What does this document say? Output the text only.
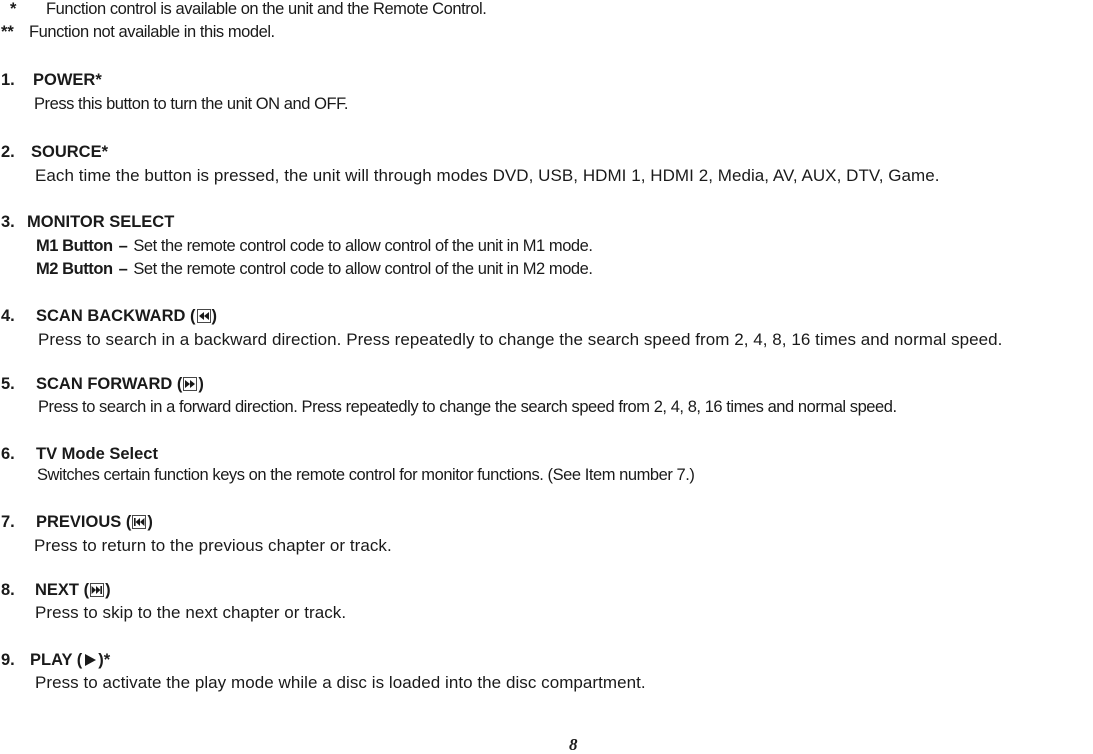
* Function control is available on the unit and the Remote Control.
** Function not available in this model.
1. POWER*
Press this button to turn the unit ON and OFF.
2. SOURCE*
Each time the button is pressed, the unit will through modes DVD, USB, HDMI 1, HDMI 2, Media, AV, AUX, DTV, Game.
3. MONITOR SELECT
M1 Button – Set the remote control code to allow control of the unit in M1 mode.
M2 Button – Set the remote control code to allow control of the unit in M2 mode.
4. SCAN BACKWARD ( )
Press to search in a backward direction. Press repeatedly to change the search speed from 2, 4, 8, 16 times and normal speed.
5. SCAN FORWARD ( )
Press to search in a forward direction. Press repeatedly to change the search speed from 2, 4, 8, 16 times and normal speed.
6. TV Mode Select
Switches certain function keys on the remote control for monitor functions. (See Item number 7.)
7. PREVIOUS ( )
Press to return to the previous chapter or track.
8. NEXT ( )
Press to skip to the next chapter or track.
9. PLAY ( )*
Press to activate the play mode while a disc is loaded into the disc compartment.
8
